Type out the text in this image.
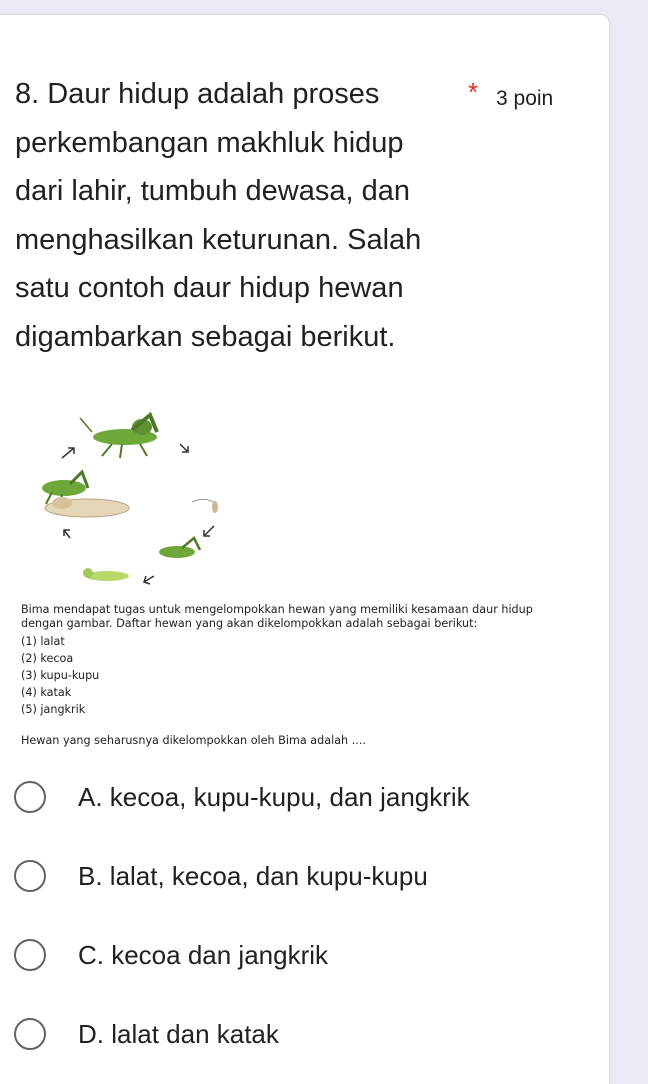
8. Daur hidup adalah proses perkembangan makhluk hidup dari lahir, tumbuh dewasa, dan menghasilkan keturunan. Salah satu contoh daur hidup hewan digambarkan sebagai berikut.
* 3 poin

Bima mendapat tugas untuk mengelompokkan hewan yang memiliki kesamaan daur hidup dengan gambar. Daftar hewan yang akan dikelompokkan adalah sebagai berikut:

(1) lalat
(2) kecoa
(3) kupu-kupu
(4) katak
(5) jangkrik

Hewan yang seharusnya dikelompokkan oleh Bima adalah ....

A. kecoa, kupu-kupu, dan jangkrik
B. lalat, kecoa, dan kupu-kupu
C. kecoa dan jangkrik
D. lalat dan katak
